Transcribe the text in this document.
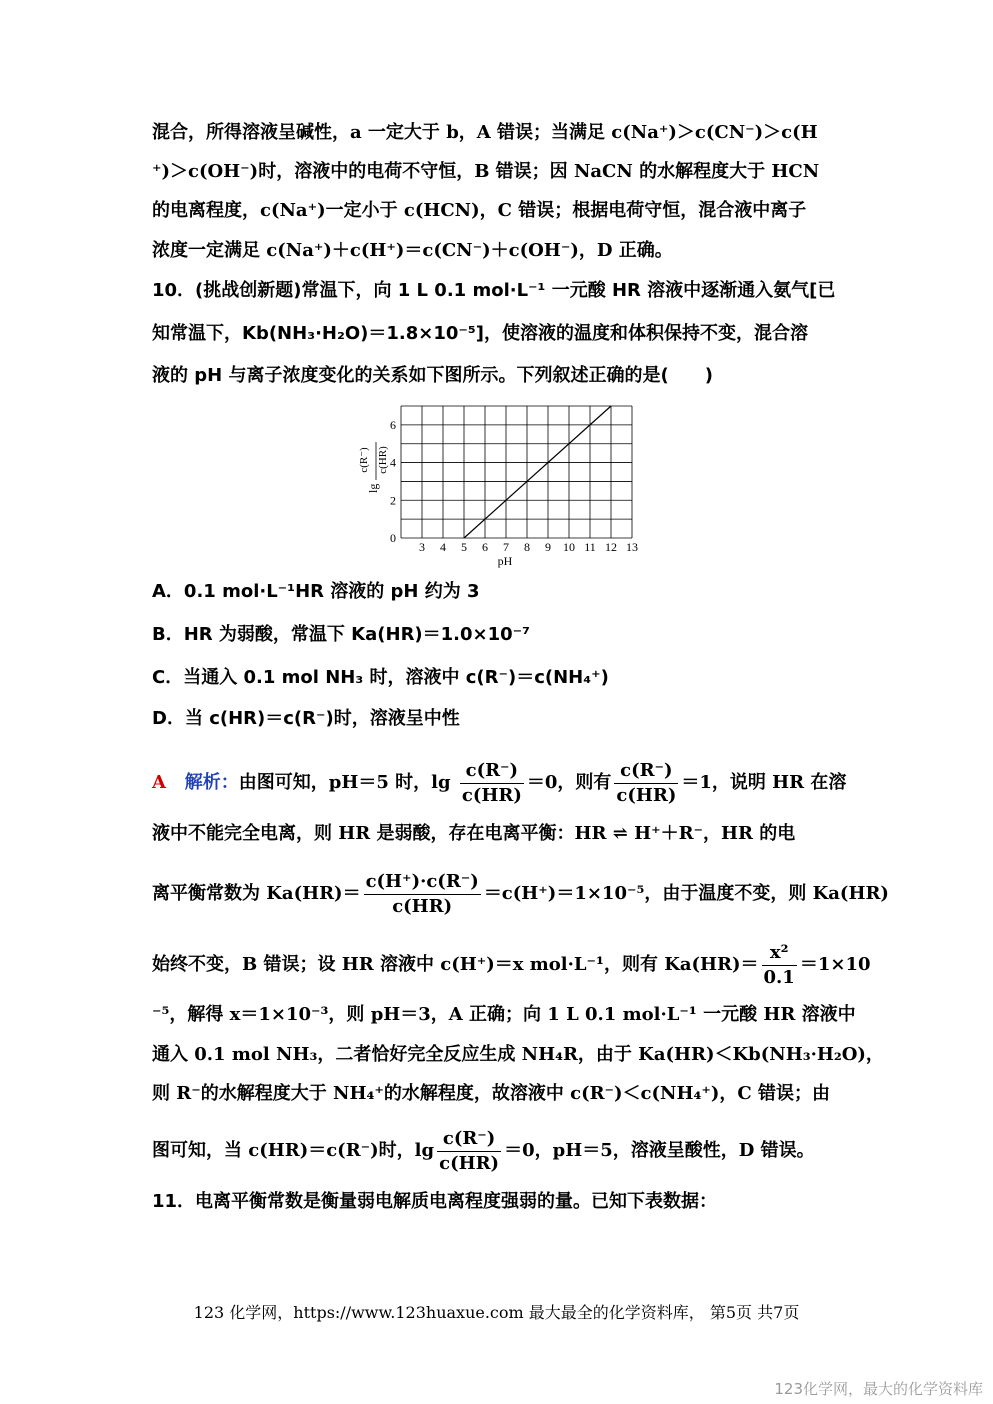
混合，所得溶液呈碱性，a 一定大于 b，A 错误；当满足 c(Na⁺)＞c(CN⁻)＞c(H
⁺)＞c(OH⁻)时，溶液中的电荷不守恒，B 错误；因 NaCN 的水解程度大于 HCN
的电离程度，c(Na⁺)一定小于 c(HCN)，C 错误；根据电荷守恒，混合液中离子
浓度一定满足 c(Na⁺)＋c(H⁺)＝c(CN⁻)＋c(OH⁻)，D 正确。
10．(挑战创新题)常温下，向 1 L 0.1 mol·L⁻¹ 一元酸 HR 溶液中逐渐通入氨气[已
知常温下，Kb(NH₃·H₂O)＝1.8×10⁻⁵]，使溶液的温度和体积保持不变，混合溶
液的 pH 与离子浓度变化的关系如下图所示。下列叙述正确的是(　　)
3 4 5 6 7 8 9 10 11 12 13
0
2
4
6
lg
c(R⁻) c(HR)
pH
A．0.1 mol·L⁻¹HR 溶液的 pH 约为 3
B．HR 为弱酸，常温下 Ka(HR)＝1.0×10⁻⁷
C．当通入 0.1 mol NH₃ 时，溶液中 c(R⁻)＝c(NH₄⁺)
D．当 c(HR)＝c(R⁻)时，溶液呈中性
A 解析：由图可知，pH＝5 时，$\lg \frac{c(R^-)}{c(HR)} =0$，则有 $\frac{c(R^-)}{c(HR)} =1$，说明 HR 在溶
液中不能完全电离，则 HR 是弱酸，存在电离平衡：HR ⇌ H⁺＋R⁻，HR 的电
离平衡常数为 $Ka(HR)= \frac{c(H^+)\cdot c(R^-)}{c(HR)} =c(H^+)=1\times 10^{-5}$，由于温度不变，则 Ka(HR)
始终不变，B 错误；设 HR 溶液中 c(H⁺)＝x mol·L⁻¹，则有 $Ka(HR)= \frac{\text{x²}}{0.1} =1\times 10$
⁻⁵，解得 x＝1×10⁻³，则 pH＝3，A 正确；向 1 L 0.1 mol·L⁻¹ 一元酸 HR 溶液中
通入 0.1 mol NH₃，二者恰好完全反应生成 NH₄R，由于 Ka(HR)＜Kb(NH₃·H₂O)，
则 R⁻的水解程度大于 NH₄⁺的水解程度，故溶液中 c(R⁻)＜c(NH₄⁺)，C 错误；由
图可知，当 c(HR)＝c(R⁻)时，$\lg \frac{c(R^-)}{c(HR)} =0$，pH＝5，溶液呈酸性，D 错误。
11．电离平衡常数是衡量弱电解质电离程度强弱的量。已知下表数据：
123 化学网，https://www.123huaxue.com 最大最全的化学资料库， 第5页 共7页
123化学网，最大的化学资料库
